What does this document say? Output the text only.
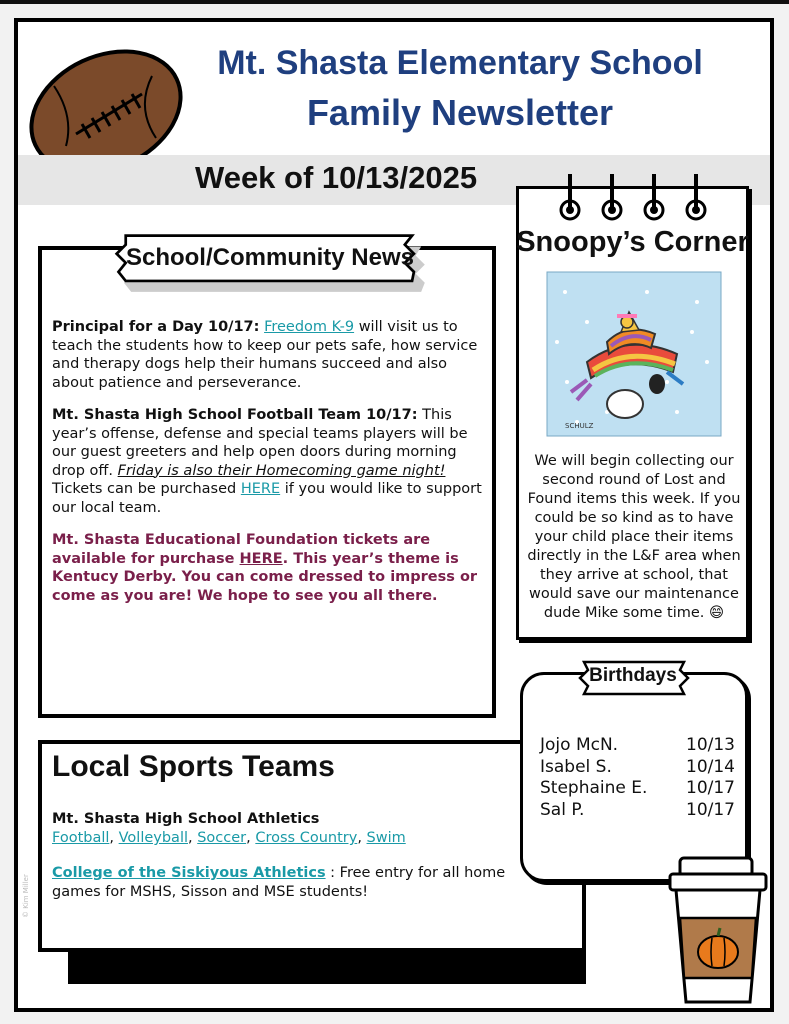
Mt. Shasta Elementary School
Family Newsletter
Week of 10/13/2025
School/Community News

Principal for a Day 10/17: Freedom K-9 will visit us to teach the students how to keep our pets safe, how service and therapy dogs help their humans succeed and also about patience and perseverance.

Mt. Shasta High School Football Team 10/17: This year’s offense, defense and special teams players will be our guest greeters and help open doors during morning drop off. Friday is also their Homecoming game night! Tickets can be purchased HERE if you would like to support our local team.

Mt. Shasta Educational Foundation tickets are available for purchase HERE. This year’s theme is Kentucy Derby. You can come dressed to impress or come as you are! We hope to see you all there.

Local Sports Teams

Mt. Shasta High School Athletics
Football, Volleyball, Soccer, Cross Country, Swim

College of the Siskiyous Athletics : Free entry for all home games for MSHS, Sisson and MSE students!

Snoopy’s Corner
SCHULZ
We will begin collecting our second round of Lost and Found items this week. If you could be so kind as to have your child place their items directly in the L&F area when they arrive at school, that would save our maintenance dude Mike some time. 😄
Birthdays
Jojo McN.	10/13
Isabel S.	10/14
Stephaine E. 10/17
Sal P.	10/17
© Kim Miller
